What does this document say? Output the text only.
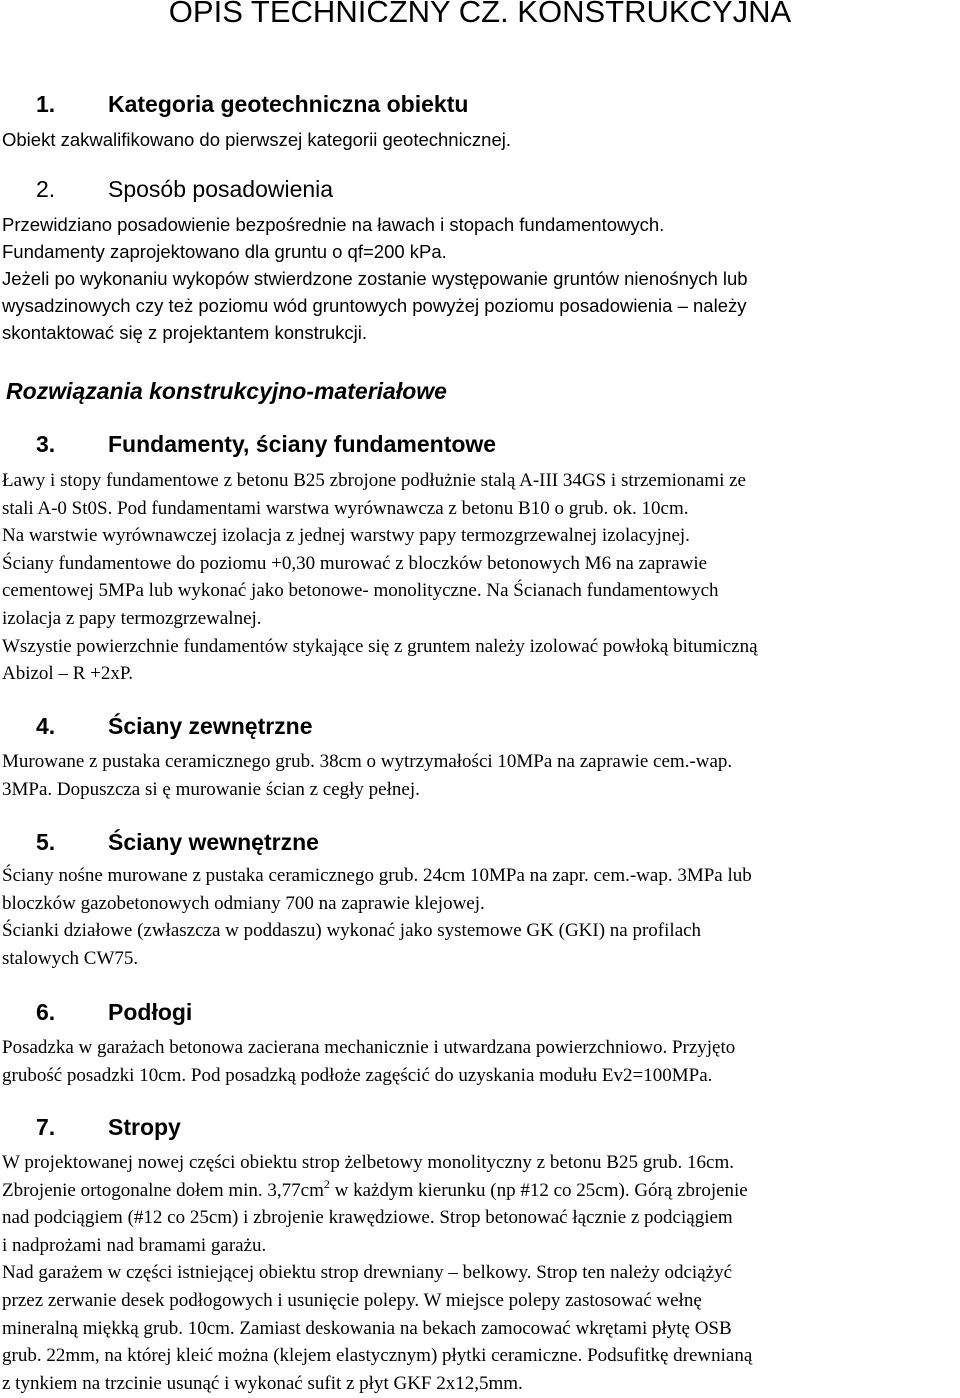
OPIS TECHNICZNY CZ. KONSTRUKCYJNA
1.	Kategoria geotechniczna obiektu
Obiekt zakwalifikowano do pierwszej kategorii geotechnicznej.
2.	Sposób posadowienia
Przewidziano posadowienie bezpośrednie na ławach i stopach fundamentowych.
Fundamenty zaprojektowano dla gruntu o qf=200 kPa.
Jeżeli po wykonaniu wykopów stwierdzone zostanie występowanie gruntów nienośnych lub
wysadzinowych czy też poziomu wód gruntowych powyżej poziomu posadowienia – należy
skontaktować się z projektantem konstrukcji.
Rozwiązania konstrukcyjno-materiałowe
3.	Fundamenty, ściany fundamentowe
Ławy i stopy fundamentowe z betonu B25 zbrojone podłużnie stalą A-III 34GS i strzemionami ze
stali A-0 St0S. Pod fundamentami warstwa wyrównawcza z betonu B10 o grub. ok. 10cm.
Na warstwie wyrównawczej izolacja z jednej warstwy papy termozgrzewalnej izolacyjnej.
Ściany fundamentowe do poziomu +0,30 murować z bloczków betonowych M6 na zaprawie
cementowej 5MPa lub wykonać jako betonowe- monolityczne. Na Ścianach fundamentowych
izolacja z papy termozgrzewalnej.
Wszystie powierzchnie fundamentów stykające się z gruntem należy izolować powłoką bitumiczną
Abizol – R +2xP.
4.	Ściany zewnętrzne
Murowane z pustaka ceramicznego grub. 38cm o wytrzymałości 10MPa na zaprawie cem.-wap.
3MPa. Dopuszcza si ę murowanie ścian z cegły pełnej.
5.	Ściany wewnętrzne
Ściany nośne murowane z pustaka ceramicznego grub. 24cm 10MPa na zapr. cem.-wap. 3MPa lub
bloczków gazobetonowych odmiany 700 na zaprawie klejowej.
Ścianki działowe (zwłaszcza w poddaszu) wykonać jako systemowe GK (GKI) na profilach
stalowych CW75.
6.	Podłogi
Posadzka w garażach betonowa zacierana mechanicznie i utwardzana powierzchniowo. Przyjęto
grubość posadzki 10cm. Pod posadzką podłoże zagęścić do uzyskania modułu Ev2=100MPa.
7.	Stropy
W projektowanej nowej części obiektu strop żelbetowy monolityczny z betonu B25 grub. 16cm.
Zbrojenie ortogonalne dołem min. $3,77cm^2$ w każdym kierunku (np #12 co 25cm). Górą zbrojenie
nad podciągiem (#12 co 25cm) i zbrojenie krawędziowe. Strop betonować łącznie z podciągiem
i nadprożami nad bramami garażu.
Nad garażem w części istniejącej obiektu strop drewniany – belkowy. Strop ten należy odciążyć
przez zerwanie desek podłogowych i usunięcie polepy. W miejsce polepy zastosować wełnę
mineralną miękką grub. 10cm. Zamiast deskowania na bekach zamocować wkrętami płytę OSB
grub. 22mm, na której kleić można (klejem elastycznym) płytki ceramiczne. Podsufitkę drewnianą
z tynkiem na trzcinie usunąć i wykonać sufit z płyt GKF 2x12,5mm.
